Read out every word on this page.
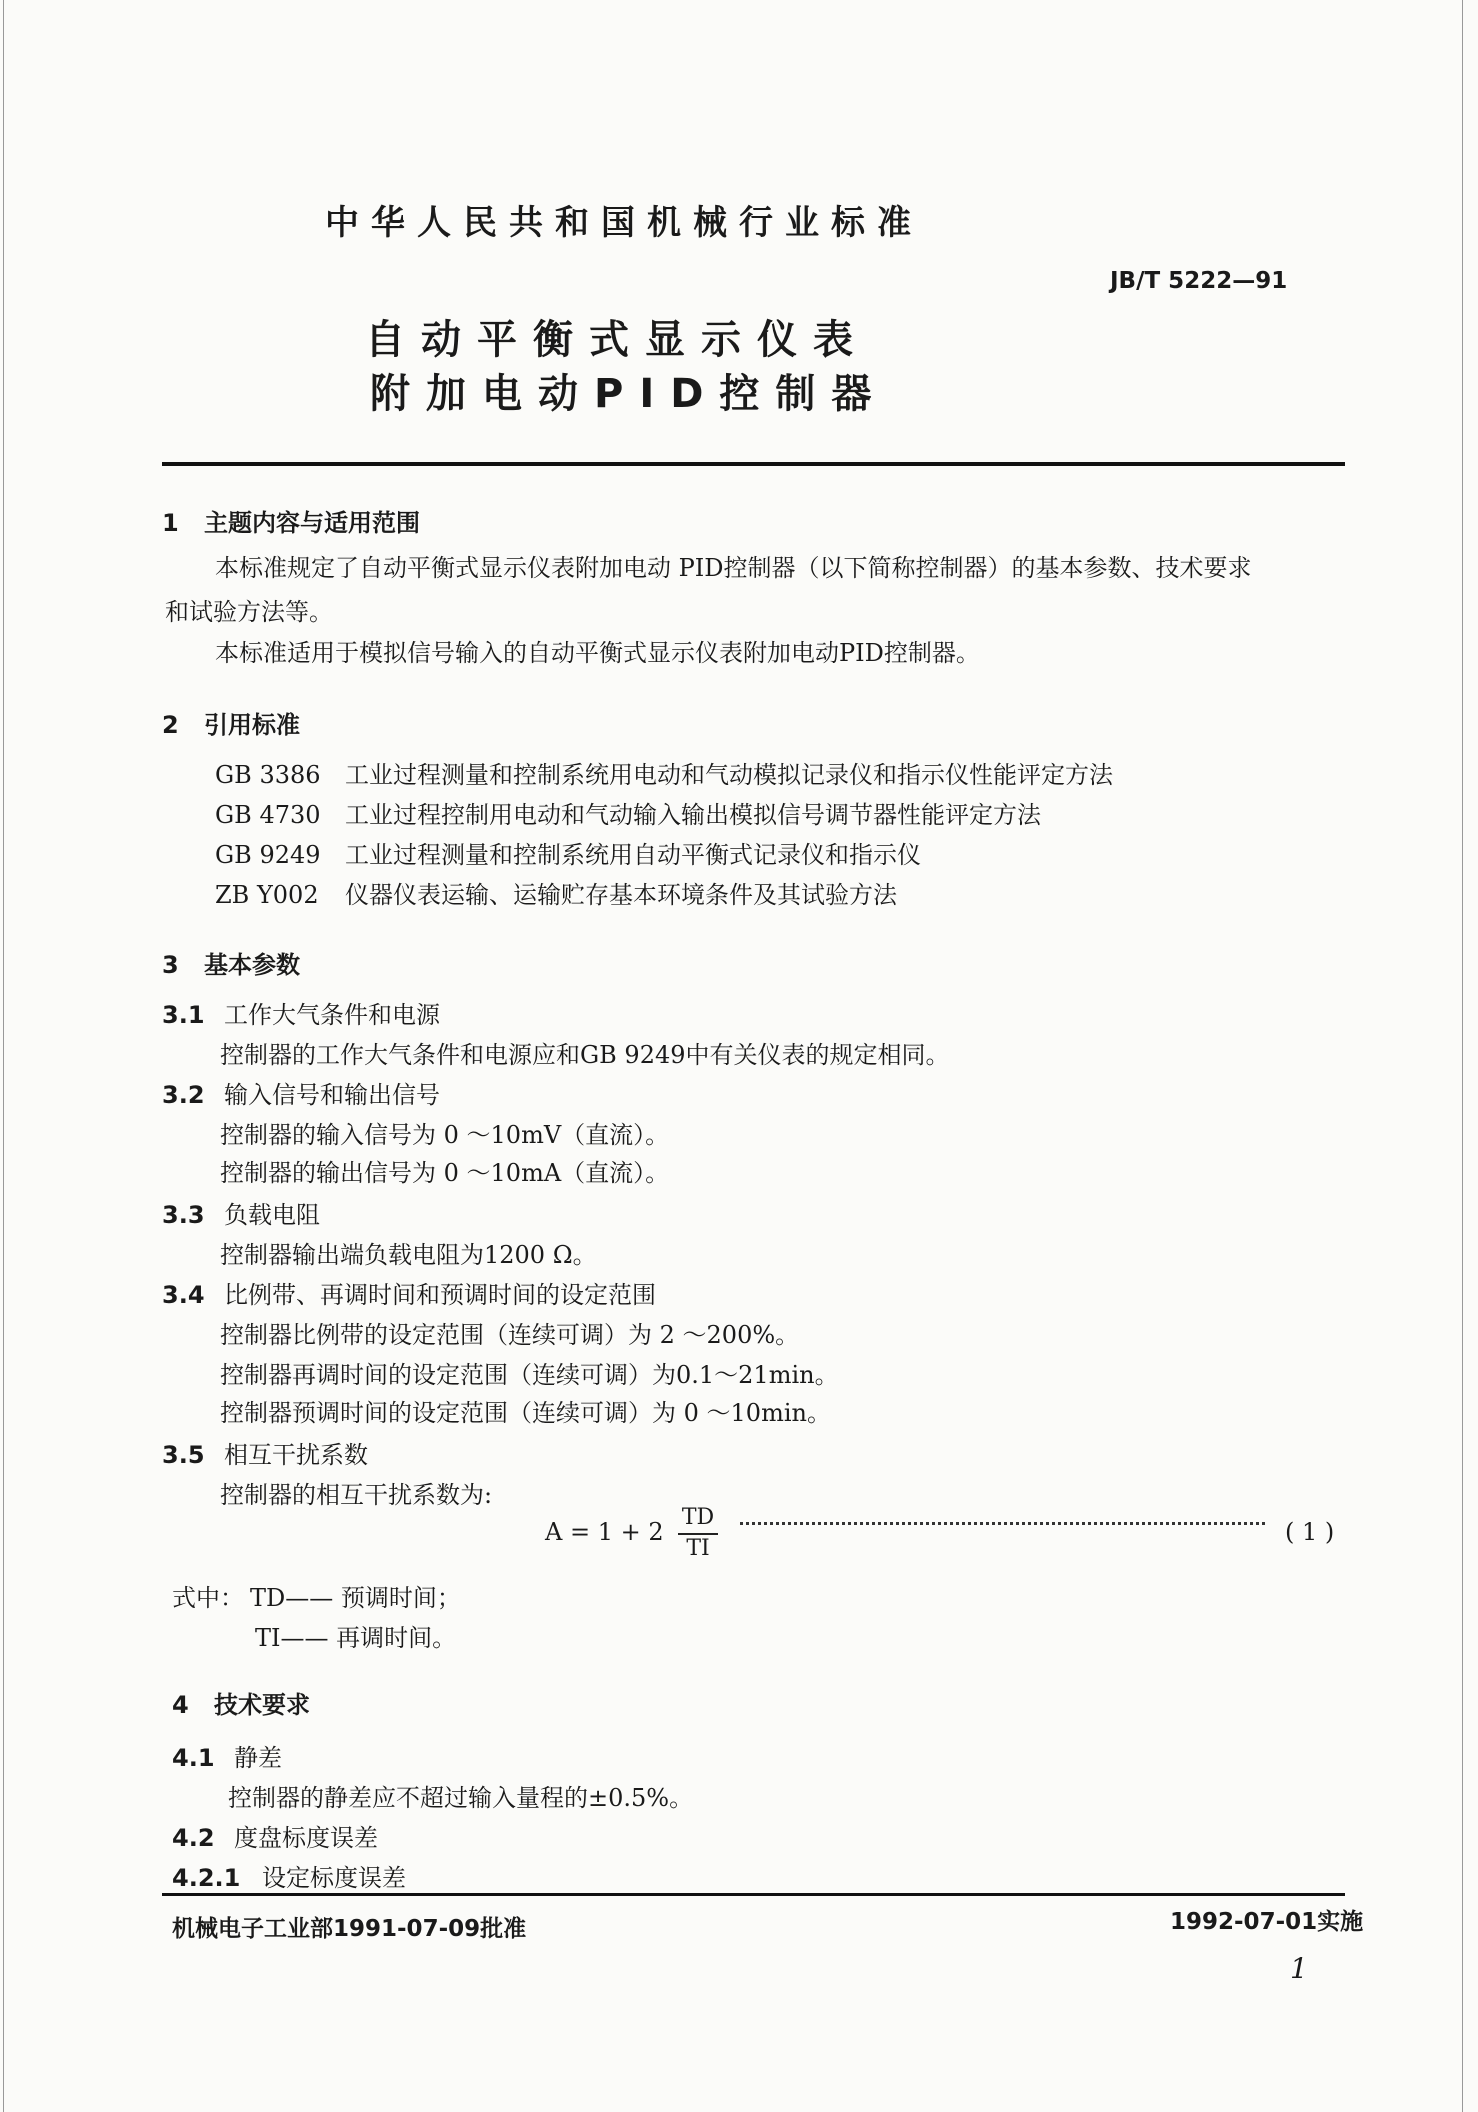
中华人民共和国机械行业标准
JB/T 5222—91
自动平衡式显示仪表
附加电动PID控制器
1 主题内容与适用范围
本标准规定了自动平衡式显示仪表附加电动 PID控制器（以下简称控制器）的基本参数、技术要求
和试验方法等。
本标准适用于模拟信号输入的自动平衡式显示仪表附加电动PID控制器。
2 引用标准
GB 3386 工业过程测量和控制系统用电动和气动模拟记录仪和指示仪性能评定方法
GB 4730 工业过程控制用电动和气动输入输出模拟信号调节器性能评定方法
GB 9249 工业过程测量和控制系统用自动平衡式记录仪和指示仪
ZB Y002 仪器仪表运输、运输贮存基本环境条件及其试验方法
3 基本参数
3.1 工作大气条件和电源
控制器的工作大气条件和电源应和GB 9249中有关仪表的规定相同。
3.2 输入信号和输出信号
控制器的输入信号为 0 ～10mV（直流）。
控制器的输出信号为 0 ～10mA（直流）。
3.3 负载电阻
控制器输出端负载电阻为1200 Ω。
3.4 比例带、再调时间和预调时间的设定范围
控制器比例带的设定范围（连续可调）为 2 ～200%。
控制器再调时间的设定范围（连续可调）为0.1～21min。
控制器预调时间的设定范围（连续可调）为 0 ～10min。
3.5 相互干扰系数
控制器的相互干扰系数为:
A = 1 + 2
TD
TI
( 1 )
式中： TD—— 预调时间；
TI—— 再调时间。
4 技术要求
4.1 静差
控制器的静差应不超过输入量程的±0.5%。
4.2 度盘标度误差
4.2.1 设定标度误差
机械电子工业部1991-07-09批准	1992-07-01实施
1
